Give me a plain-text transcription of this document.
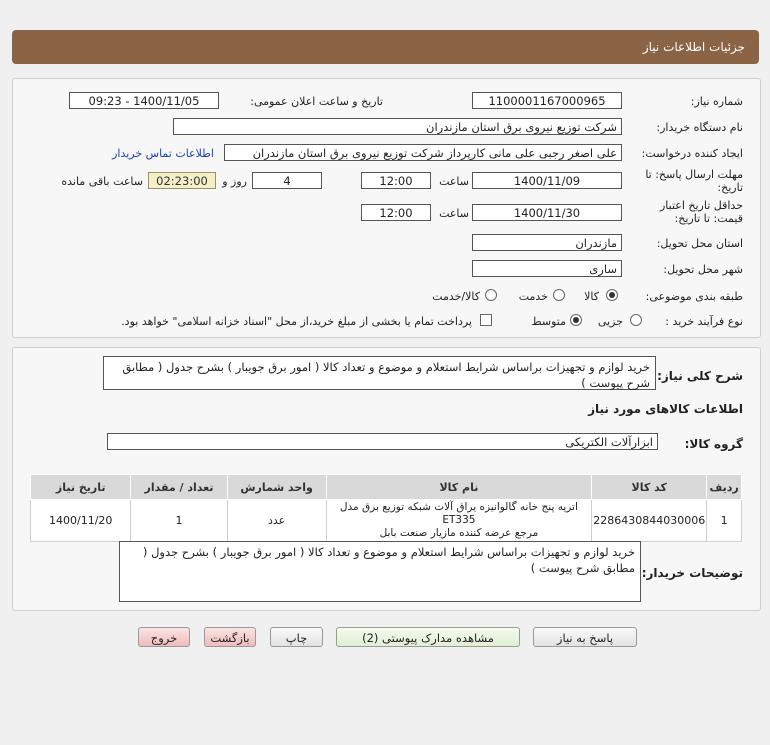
جزئيات اطلاعات نياز
شماره نیاز:
1100001167000965
تاریخ و ساعت اعلان عمومی:
1400/11/05 - 09:23
نام دستگاه خریدار:
شرکت توزیع نیروی برق استان مازندران
ایجاد کننده درخواست:
علی اصغر رجبی علی مانی کارپرداز شرکت توزیع نیروی برق استان مازندران
اطلاعات تماس خریدار
مهلت ارسال پاسخ: تا
تاریخ:
1400/11/09
ساعت
12:00
4
روز و
02:23:00
ساعت باقی مانده
حداقل تاریخ اعتبار
قیمت: تا تاریخ:
1400/11/30
ساعت
12:00
استان محل تحویل:
مازندران
شهر محل تحویل:
ساری
طبقه بندی موضوعی:
کالا
خدمت
کالا/خدمت
نوع فرآیند خرید :
جزیی
متوسط
پرداخت تمام یا بخشی از مبلغ خرید،از محل "اسناد خزانه اسلامی" خواهد بود.
شرح کلی نیاز:
خرید لوازم و تجهیزات براساس شرایط استعلام و موضوع و تعداد کالا ( امور برق جویبار ) بشرح جدول ( مطابق شرح پیوست )
اطلاعات کالاهای مورد نیاز
گروه کالا:
ابزارآلات الکتریکی
ردیف	کد کالا	نام کالا	واحد شمارش	تعداد / مقدار	تاریخ نیاز
1	2286430844030006	اتریه پنج خانه گالوانیزه یراق آلات شبکه توزیع برق مدل ET335
مرجع عرضه کننده مازیار صنعت بابل	عدد	1	1400/11/20
توضیحات خریدار:
خرید لوازم و تجهیزات براساس شرایط استعلام و موضوع و تعداد کالا ( امور برق جویبار ) بشرح جدول ( مطابق شرح پیوست )
پاسخ به نیاز
مشاهده مدارک پیوستی (2)
چاپ
بازگشت
خروج
